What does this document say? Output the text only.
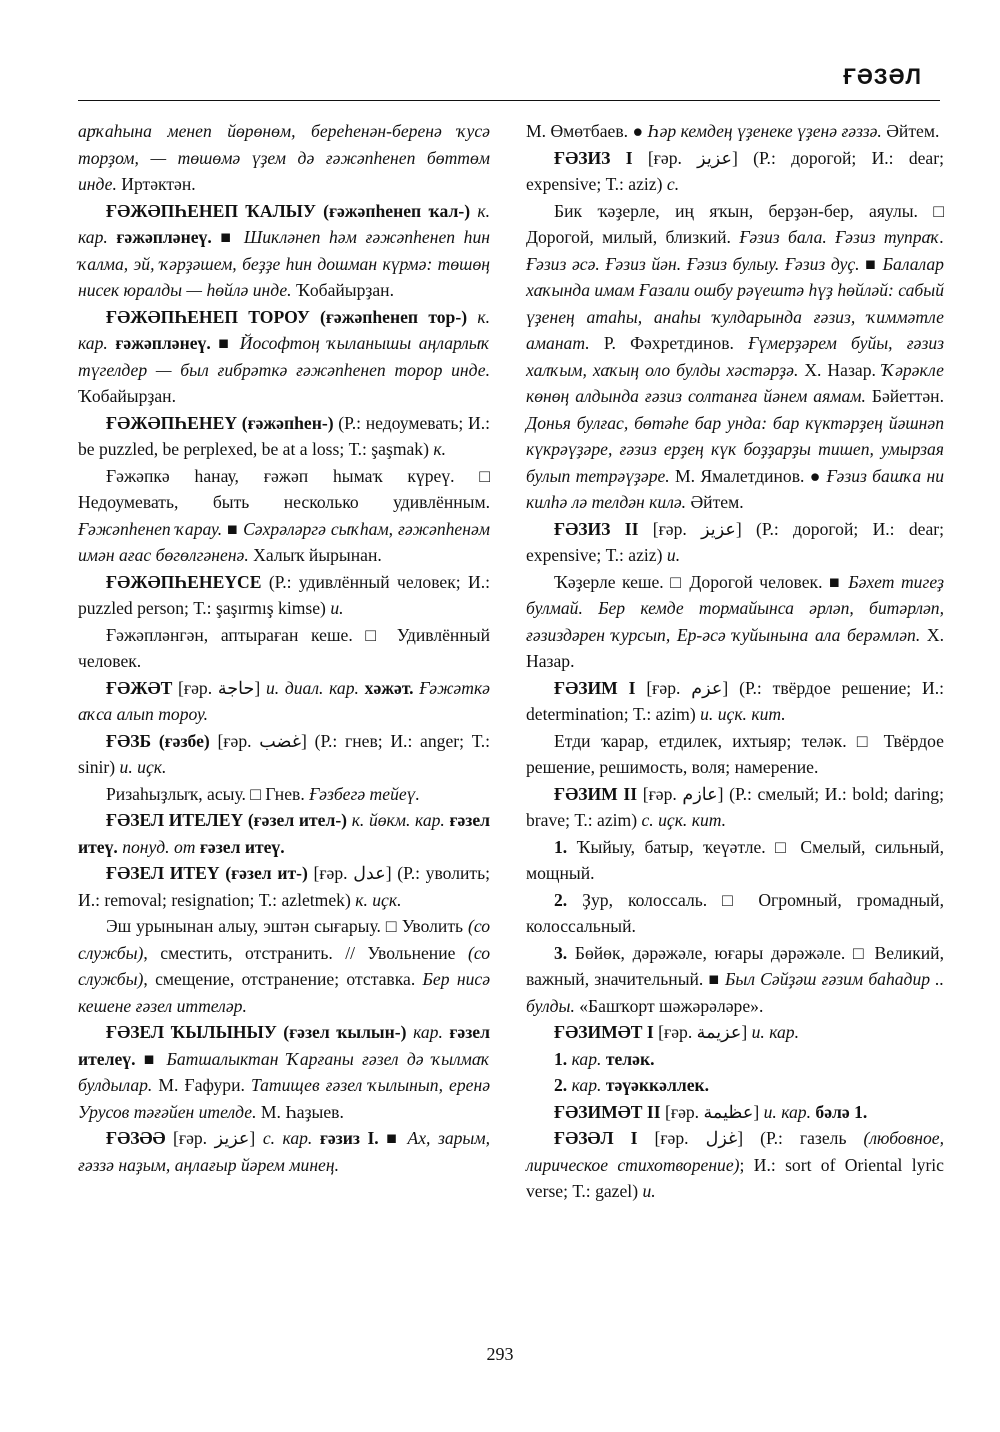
ҒӘЗӘЛ

арҡаһына менеп йөрөнөм, береһенән-беренә ҡусә торҙом, — төшөмә үҙем дә ғәжәпһенеп бөттөм инде. Иртәктән.

ҒӘЖӘПҺЕНЕП ҠАЛЫУ (ғәжәпһенеп ҡал-) к. кар. ғәжәпләнеү. ■ Шикләнеп һәм ғәжәпһенеп һин ҡалма, эй, ҡәрҙәшем, беҙҙе һин дошман күрмә: төшөң нисек юралды — һөйлә инде. Ҡобайырҙан.

ҒӘЖӘПҺЕНЕП ТОРОУ (ғәжәпһенеп тор-) к. кар. ғәжәпләнеү. ■ Йософтоң ҡыланышы аңларлыҡ түгелдер — был ғибрәткә ғәжәпһенеп торор инде. Ҡобайырҙан.

ҒӘЖӘПҺЕНЕҮ (ғәжәпһен-) (Р.: недоумевать; И.: be puzzled, be perplexed, be at a loss; Т.: şaşmak) к.

Ғәжәпкә һанау, ғәжәп һымаҡ күреү. □ Недоумевать, быть несколько удивлённым. Ғәжәпһенеп ҡарау. ■ Сәхрәләргә сыҡһам, ғәжәпһенәм имән ағас бөгөлгәненә. Халыҡ йырынан.

ҒӘЖӘПҺЕНЕҮСЕ (Р.: удивлённый человек; И.: puzzled person; Т.: şaşırmış kimse) и.

Ғәжәпләнгән, аптыраған кеше. □ Удивлённый человек.

ҒӘЖӘТ [ғәр. حاجة] и. диал. кар. хәжәт. Ғәжәткә аҡса алып тороу.

ҒӘЗБ (ғәзбе) [ғәр. غضب] (Р.: гнев; И.: anger; Т.: sinir) и. иҫк.

Ризаһыҙлыҡ, асыу. □ Гнев. Ғәзбегә тейеү.

ҒӘЗЕЛ ИТЕЛЕҮ (ғәзел ител-) к. йөкм. кар. ғәзел итеү. понуд. от ғәзел итеү.

ҒӘЗЕЛ ИТЕҮ (ғәзел ит-) [ғәр. عدل] (Р.: уволить; И.: removal; resignation; Т.: azletmek) к. иҫк.

Эш урынынан алыу, эштән сығарыу. □ Уволить (со службы), сместить, отстранить. // Увольнение (со службы), смещение, отстранение; отставка. Бер нисә кешене ғәзел иттеләр.

ҒӘЗЕЛ ҠЫЛЫНЫУ (ғәзел ҡылын-) кар. ғәзел ителеү. ■ Батшалыктан Ҡарғаны ғәзел дә ҡылмаҡ булдылар. М. Ғафури. Татищев ғәзел ҡылынып, еренә Урусов тәғәйен ителде. М. Һаҙыев.

ҒӘЗӘӘ [ғәр. عزيز] с. кар. ғәзиз I. ■ Ах, зарым, ғәззә наҙым, аңлағыр йәрем минең.

М. Өмөтбаев. ● Һәр кемдең үҙенеке үҙенә ғәззә. Әйтем.

ҒӘЗИЗ I [ғәр. عزيز] (Р.: дорогой; И.: dear; expensive; Т.: aziz) с.

Бик ҡәҙерле, иң яҡын, берҙән-бер, аяулы. □ Дорогой, милый, близкий. Ғәзиз бала. Ғәзиз тупраҡ. Ғәзиз әсә. Ғәзиз йән. Ғәзиз булыу. Ғәзиз дуҫ. ■ Балалар хаҡында имам Ғазали ошбу рәүештә һүҙ һөйләй: сабый үҙенең атаһы, анаһы ҡулдарында ғәзиз, ҡиммәтле аманат. Р. Фәхретдинов. Ғүмерҙәрем буйы, ғәзиз халҡым, хаҡың оло булды хәстәрҙә. Х. Назар. Ҡәрәкле көнөң алдында ғәзиз солтанға йәнем аямам. Бәйеттән. Донья булғас, бөтәһе бар унда: бар күктәрҙең йәшнәп күкрәүҙәре, ғәзиз ерҙең күк боҙҙарҙы тишеп, умырзая булып тетрәүҙәре. М. Ямалетдинов. ● Ғәзиз башҡа ни килһә лә телдән килә. Әйтем.

ҒӘЗИЗ II [ғәр. عزيز] (Р.: дорогой; И.: dear; expensive; Т.: aziz) и.

Ҡәҙерле кеше. □ Дорогой человек. ■ Бәхет тигеҙ булмай. Бер кемде тормайынса әрләп, битәрләп, ғәзиздәрен ҡурсып, Ер-әсә ҡуйынына ала берәмләп. Х. Назар.

ҒӘЗИМ I [ғәр. عزم] (Р.: твёрдое решение; И.: determination; Т.: azim) и. иҫк. кит.

Етди ҡарар, етдилек, ихтыяр; теләк. □ Твёрдое решение, решимость, воля; намерение.

ҒӘЗИМ II [ғәр. عازم] (Р.: смелый; И.: bold; daring; brave; Т.: azim) с. иҫк. кит.

1. Ҡыйыу, батыр, ҡеүәтле. □ Смелый, сильный, мощный.

2. Ҙур, колоссаль. □ Огромный, громадный, колоссальный.

3. Бөйөк, дәрәжәле, юғары дәрәжәле. □ Великий, важный, значительный. ■ Был Сәйҙәш ғәзим баһадир .. булды. «Башҡорт шәжәрәләре».

ҒӘЗИМӘТ I [ғәр. عزيمة] и. кар.

1. кар. теләк.

2. кар. тәүәккәллек.

ҒӘЗИМӘТ II [ғәр. عظيمة] и. кар. бәлә 1.

ҒӘЗӘЛ I [ғәр. غزل] (Р.: газель (любовное, лирическое стихотворение); И.: sort of Oriental lyric verse; Т.: gazel) и.

293
